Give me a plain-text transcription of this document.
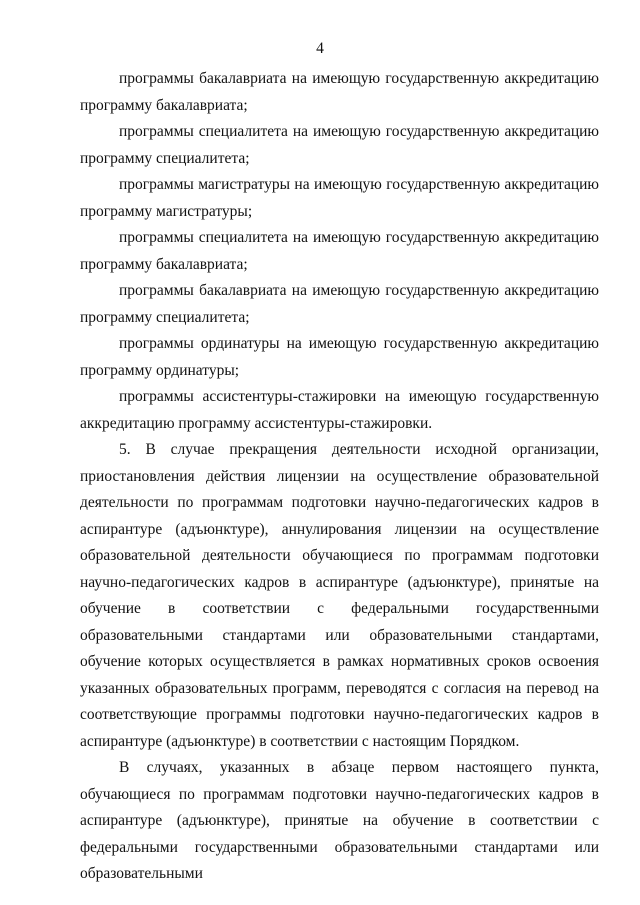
4

программы бакалавриата на имеющую государственную аккредитацию программу бакалавриата;

программы специалитета на имеющую государственную аккредитацию программу специалитета;

программы магистратуры на имеющую государственную аккредитацию программу магистратуры;

программы специалитета на имеющую государственную аккредитацию программу бакалавриата;

программы бакалавриата на имеющую государственную аккредитацию программу специалитета;

программы ординатуры на имеющую государственную аккредитацию программу ординатуры;

программы ассистентуры-стажировки на имеющую государственную аккредитацию программу ассистентуры-стажировки.

5. В случае прекращения деятельности исходной организации, приостановления действия лицензии на осуществление образовательной деятельности по программам подготовки научно-педагогических кадров в аспирантуре (адъюнктуре), аннулирования лицензии на осуществление образовательной деятельности обучающиеся по программам подготовки научно-педагогических кадров в аспирантуре (адъюнктуре), принятые на обучение в соответствии с федеральными государственными образовательными стандартами или образовательными стандартами, обучение которых осуществляется в рамках нормативных сроков освоения указанных образовательных программ, переводятся с согласия на перевод на соответствующие программы подготовки научно-педагогических кадров в аспирантуре (адъюнктуре) в соответствии с настоящим Порядком.

В случаях, указанных в абзаце первом настоящего пункта, обучающиеся по программам подготовки научно-педагогических кадров в аспирантуре (адъюнктуре), принятые на обучение в соответствии с федеральными государственными образовательными стандартами или образовательными
